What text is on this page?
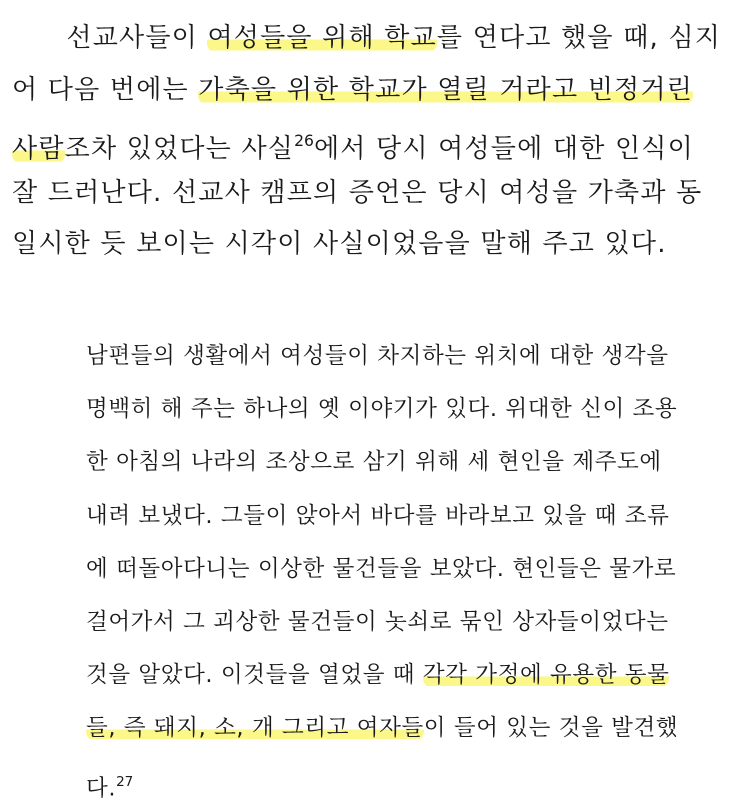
　　선교사들이 여성들을 위해 학교를 연다고 했을 때, 심지
어 다음 번에는 가축을 위한 학교가 열릴 거라고 빈정거린
사람조차 있었다는 사실$^{26}$에서 당시 여성들에 대한 인식이
잘 드러난다. 선교사 캠프의 증언은 당시 여성을 가축과 동
일시한 듯 보이는 시각이 사실이었음을 말해 주고 있다.
남편들의 생활에서 여성들이 차지하는 위치에 대한 생각을
명백히 해 주는 하나의 옛 이야기가 있다. 위대한 신이 조용
한 아침의 나라의 조상으로 삼기 위해 세 현인을 제주도에
내려 보냈다. 그들이 앉아서 바다를 바라보고 있을 때 조류
에 떠돌아다니는 이상한 물건들을 보았다. 현인들은 물가로
걸어가서 그 괴상한 물건들이 놋쇠로 묶인 상자들이었다는
것을 알았다. 이것들을 열었을 때 각각 가정에 유용한 동물
들, 즉 돼지, 소, 개 그리고 여자들이 들어 있는 것을 발견했
다.$^{27}$
